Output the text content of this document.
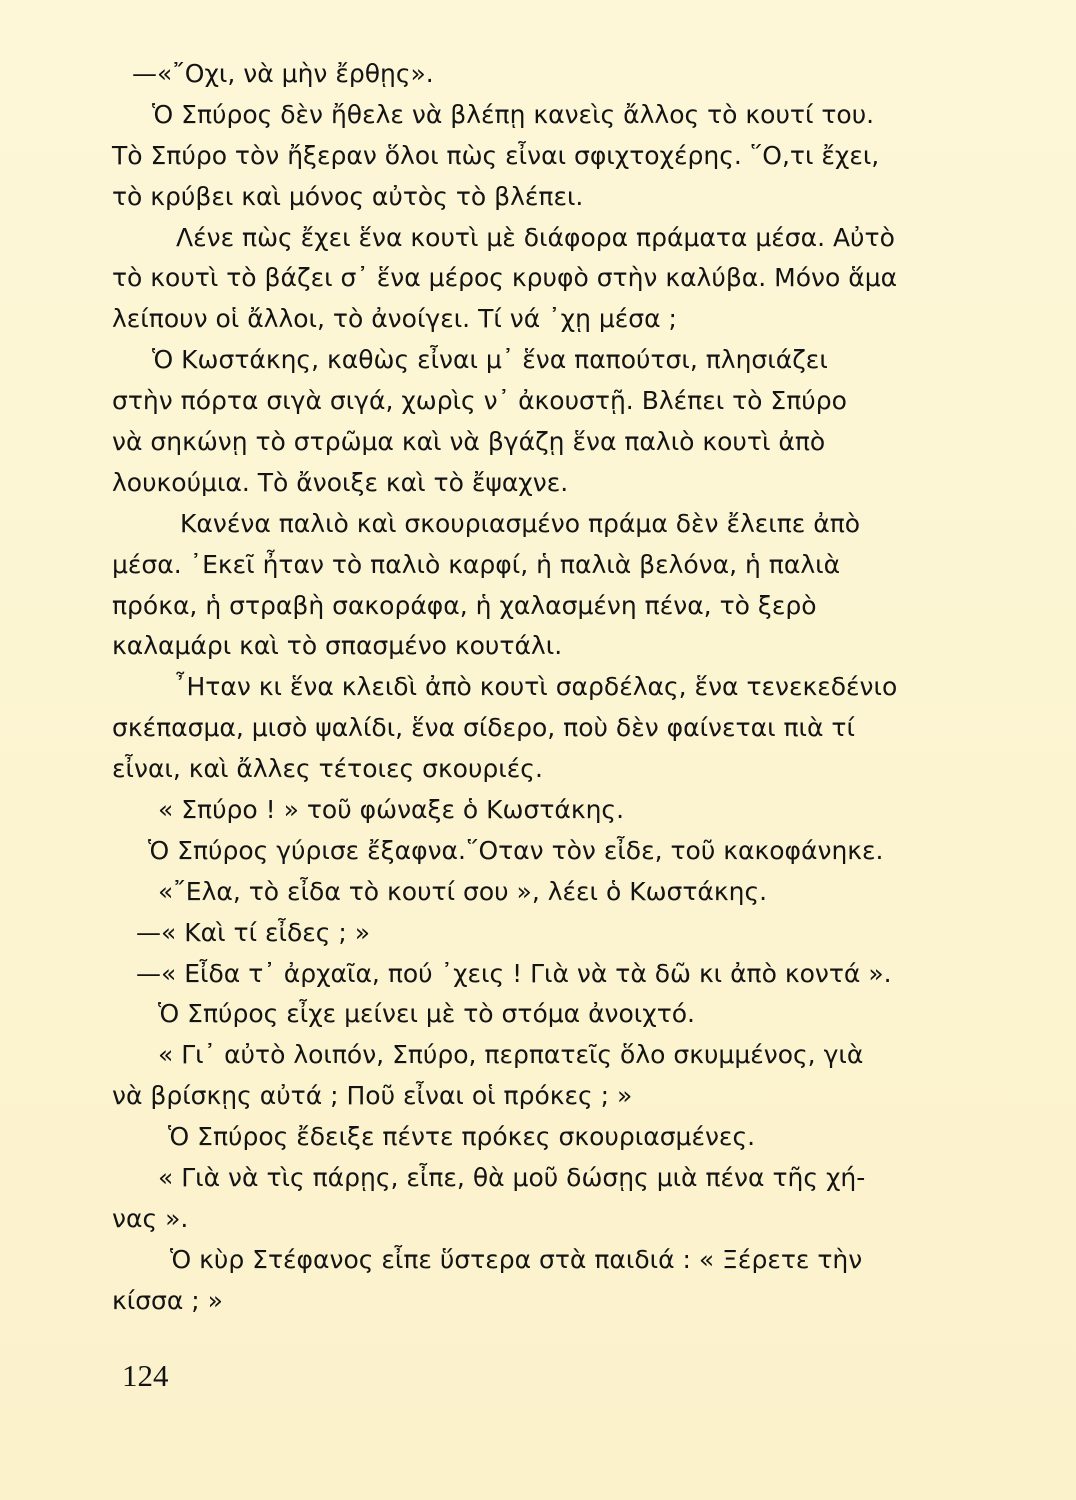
—«῎Οχι, νὰ μὴν ἔρθῃς».
Ὁ Σπύρος δὲν ἤθελε νὰ βλέπῃ κανεὶς ἄλλος τὸ κουτί του.
Τὸ Σπύρο τὸν ἤξεραν ὅλοι πὼς εἶναι σφιχτοχέρης. ῞Ο,τι ἔχει,
τὸ κρύβει καὶ μόνος αὐτὸς τὸ βλέπει.
Λένε πὼς ἔχει ἕνα κουτὶ μὲ διάφορα πράματα μέσα. Αὐτὸ
τὸ κουτὶ τὸ βάζει σ᾿ ἕνα μέρος κρυφὸ στὴν καλύβα. Μόνο ἅμα
λείπουν οἱ ἄλλοι, τὸ ἀνοίγει. Τί νά ᾿χῃ μέσα ;
Ὁ Κωστάκης, καθὼς εἶναι μ᾿ ἕνα παπούτσι, πλησιάζει
στὴν πόρτα σιγὰ σιγά, χωρὶς ν᾿ ἀκουστῇ. Βλέπει τὸ Σπύρο
νὰ σηκώνῃ τὸ στρῶμα καὶ νὰ βγάζῃ ἕνα παλιὸ κουτὶ ἀπὸ
λουκούμια. Τὸ ἄνοιξε καὶ τὸ ἔψαχνε.
Κανένα παλιὸ καὶ σκουριασμένο πράμα δὲν ἔλειπε ἀπὸ
μέσα. ᾿Εκεῖ ἦταν τὸ παλιὸ καρφί, ἡ παλιὰ βελόνα, ἡ παλιὰ
πρόκα, ἡ στραβὴ σακοράφα, ἡ χαλασμένη πένα, τὸ ξερὸ
καλαμάρι καὶ τὸ σπασμένο κουτάλι.
῏Ηταν κι ἕνα κλειδὶ ἀπὸ κουτὶ σαρδέλας, ἕνα τενεκεδένιο
σκέπασμα, μισὸ ψαλίδι, ἕνα σίδερο, ποὺ δὲν φαίνεται πιὰ τί
εἶναι, καὶ ἄλλες τέτοιες σκουριές.
« Σπύρο ! » τοῦ φώναξε ὁ Κωστάκης.
Ὁ Σπύρος γύρισε ἔξαφνα.῞Οταν τὸν εἶδε, τοῦ κακοφάνηκε.
«῎Ελα, τὸ εἶδα τὸ κουτί σου », λέει ὁ Κωστάκης.
—« Καὶ τί εἶδες ; »
—« Εἶδα τ᾿ ἀρχαῖα, πού ᾿χεις ! Γιὰ νὰ τὰ δῶ κι ἀπὸ κοντά ».
Ὁ Σπύρος εἶχε μείνει μὲ τὸ στόμα ἀνοιχτό.
« Γι᾿ αὐτὸ λοιπόν, Σπύρο, περπατεῖς ὅλο σκυμμένος, γιὰ
νὰ βρίσκῃς αὐτά ; Ποῦ εἶναι οἱ πρόκες ; »
Ὁ Σπύρος ἔδειξε πέντε πρόκες σκουριασμένες.
« Γιὰ νὰ τὶς πάρῃς, εἶπε, θὰ μοῦ δώσῃς μιὰ πένα τῆς χή-
νας ».
Ὁ κὺρ Στέφανος εἶπε ὕστερα στὰ παιδιά : « Ξέρετε τὴν
κίσσα ; »
124
